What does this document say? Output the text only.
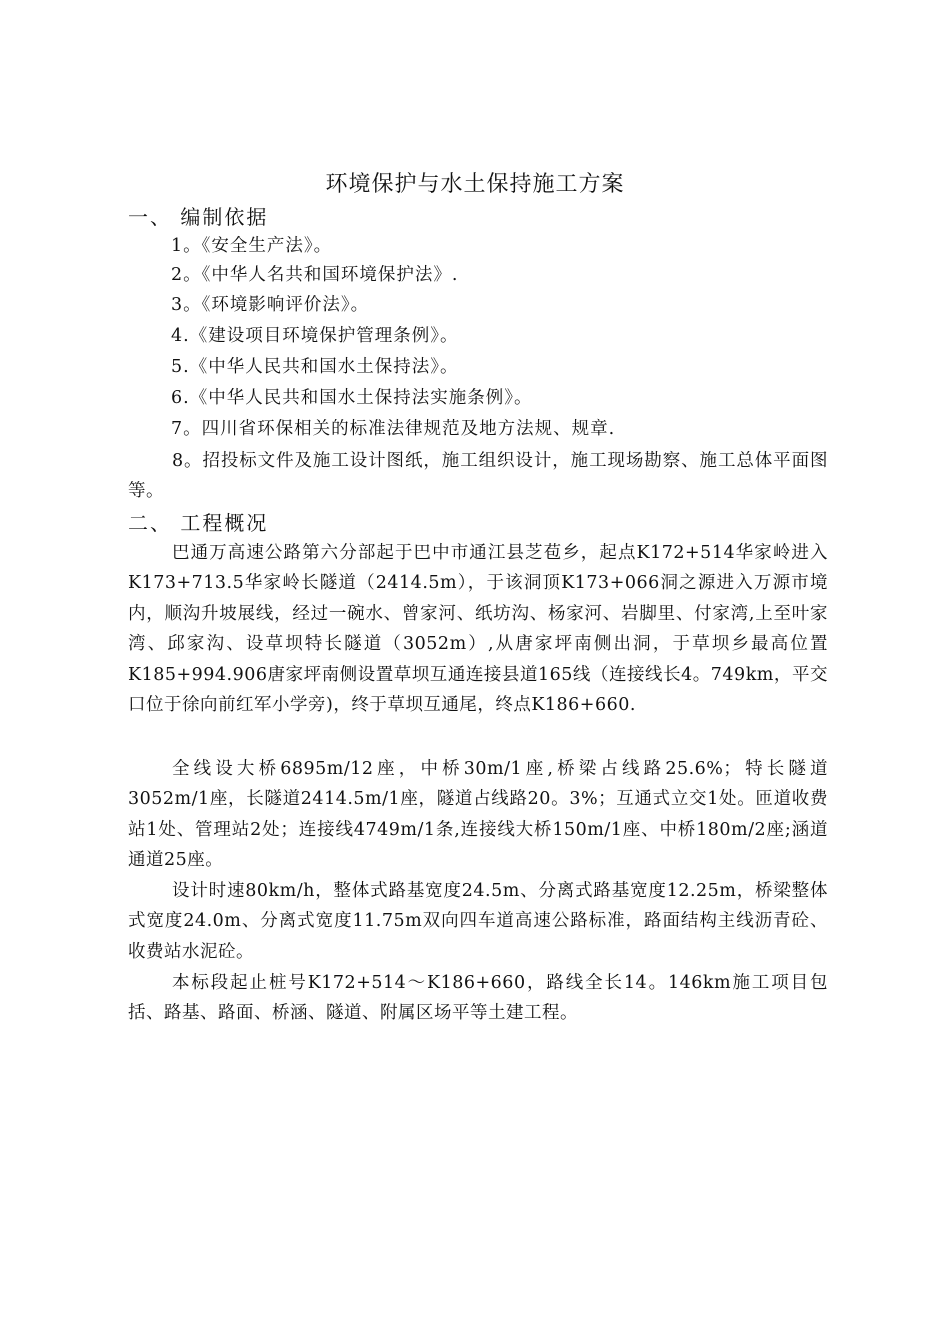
环境保护与水土保持施工方案
一、 编制依据
1。《安全生产法》。
2。《中华人名共和国环境保护法》.
3。《环境影响评价法》。
4.《建设项目环境保护管理条例》。
5.《中华人民共和国水土保持法》。
6.《中华人民共和国水土保持法实施条例》。
7。四川省环保相关的标准法律规范及地方法规、规章.
8。招投标文件及施工设计图纸，施工组织设计，施工现场勘察、施工总体平面图等。
二、 工程概况
巴通万高速公路第六分部起于巴中市通江县芝苞乡，起点K172+514华家岭进入K173+713.5华家岭长隧道（2414.5m），于该洞顶K173+066洞之源进入万源市境内，顺沟升坡展线，经过一碗水、曾家河、纸坊沟、杨家河、岩脚里、付家湾,上至叶家湾、邱家沟、设草坝特长隧道（3052m）,从唐家坪南侧出洞，于草坝乡最高位置K185+994.906唐家坪南侧设置草坝互通连接县道165线（连接线长4。749km，平交口位于徐向前红军小学旁)，终于草坝互通尾，终点K186+660.
全线设大桥6895m/12座，中桥30m/1座,桥梁占线路25.6%；特长隧道3052m/1座，长隧道2414.5m/1座，隧道占线路20。3%；互通式立交1处。匝道收费站1处、管理站2处；连接线4749m/1条,连接线大桥150m/1座、中桥180m/2座;涵道通道25座。
设计时速80km/h，整体式路基宽度24.5m、分离式路基宽度12.25m，桥梁整体式宽度24.0m、分离式宽度11.75m双向四车道高速公路标准，路面结构主线沥青砼、收费站水泥砼。
本标段起止桩号K172+514～K186+660，路线全长14。146km施工项目包括、路基、路面、桥涵、隧道、附属区场平等土建工程。
